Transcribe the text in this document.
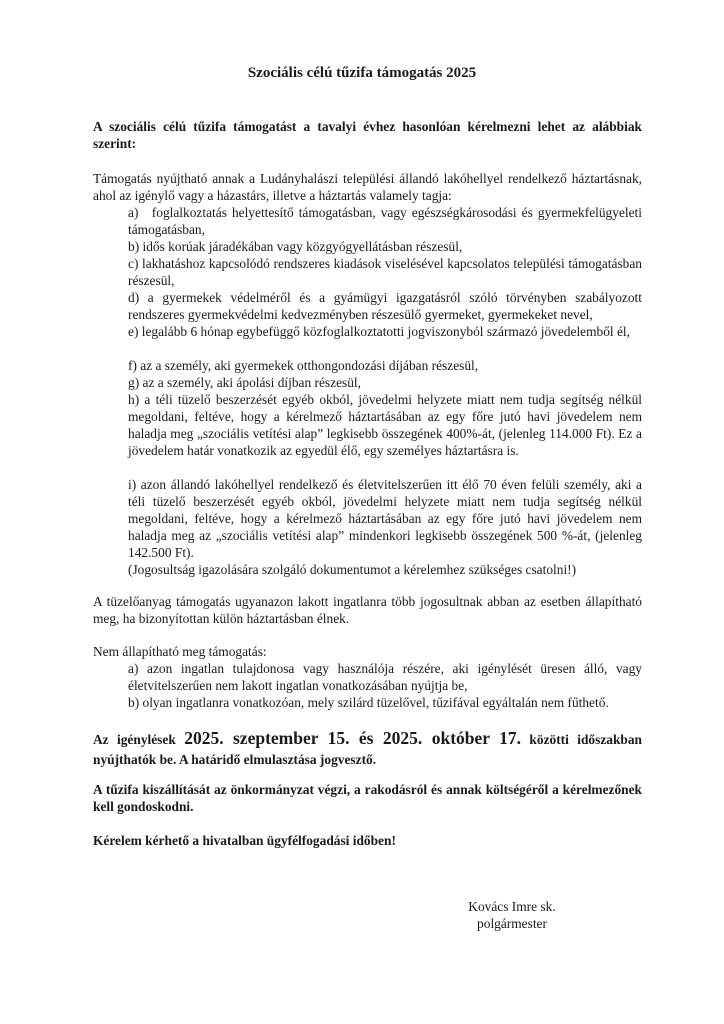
Szociális célú tűzifa támogatás 2025

A szociális célú tűzifa támogatást a tavalyi évhez hasonlóan kérelmezni lehet az alábbiak szerint:

Támogatás nyújtható annak a Ludányhalászi települési állandó lakóhellyel rendelkező háztartásnak, ahol az igénylő vagy a házastárs, illetve a háztartás valamely tagja:

a) foglalkoztatás helyettesítő támogatásban, vagy egészségkárosodási és gyermekfelügyeleti támogatásban,

b) idős korúak járadékában vagy közgyógyellátásban részesül,

c) lakhatáshoz kapcsolódó rendszeres kiadások viselésével kapcsolatos települési támogatásban részesül,

d) a gyermekek védelméről és a gyámügyi igazgatásról szóló törvényben szabályozott rendszeres gyermekvédelmi kedvezményben részesülő gyermeket, gyermekeket nevel,

e) legalább 6 hónap egybefüggő közfoglalkoztatotti jogviszonyból származó jövedelemből él,

f) az a személy, aki gyermekek otthongondozási díjában részesül,

g) az a személy, aki ápolási díjban részesül,

h) a téli tüzelő beszerzését egyéb okból, jövedelmi helyzete miatt nem tudja segítség nélkül megoldani, feltéve, hogy a kérelmező háztartásában az egy főre jutó havi jövedelem nem haladja meg „szociális vetítési alap” legkisebb összegének 400%-át, (jelenleg 114.000 Ft). Ez a jövedelem határ vonatkozik az egyedül élő, egy személyes háztartásra is.

i) azon állandó lakóhellyel rendelkező és életvitelszerűen itt élő 70 éven felüli személy, aki a téli tüzelő beszerzését egyéb okból, jövedelmi helyzete miatt nem tudja segítség nélkül megoldani, feltéve, hogy a kérelmező háztartásában az egy főre jutó havi jövedelem nem haladja meg az „szociális vetítési alap” mindenkori legkisebb összegének 500 %-át, (jelenleg 142.500 Ft).

(Jogosultság igazolására szolgáló dokumentumot a kérelemhez szükséges csatolni!)

A tüzelőanyag támogatás ugyanazon lakott ingatlanra több jogosultnak abban az esetben állapítható meg, ha bizonyítottan külön háztartásban élnek.

Nem állapítható meg támogatás:

a) azon ingatlan tulajdonosa vagy használója részére, aki igénylését üresen álló, vagy életvitelszerűen nem lakott ingatlan vonatkozásában nyújtja be,

b) olyan ingatlanra vonatkozóan, mely szilárd tüzelővel, tűzifával egyáltalán nem fűthető.

Az igénylések 2025. szeptember 15. és 2025. október 17. közötti időszakban nyújthatók be. A határidő elmulasztása jogvesztő.

A tűzifa kiszállítását az önkormányzat végzi, a rakodásról és annak költségéről a kérelmezőnek kell gondoskodni.

Kérelem kérhető a hivatalban ügyfélfogadási időben!

Kovács Imre sk.
polgármester
